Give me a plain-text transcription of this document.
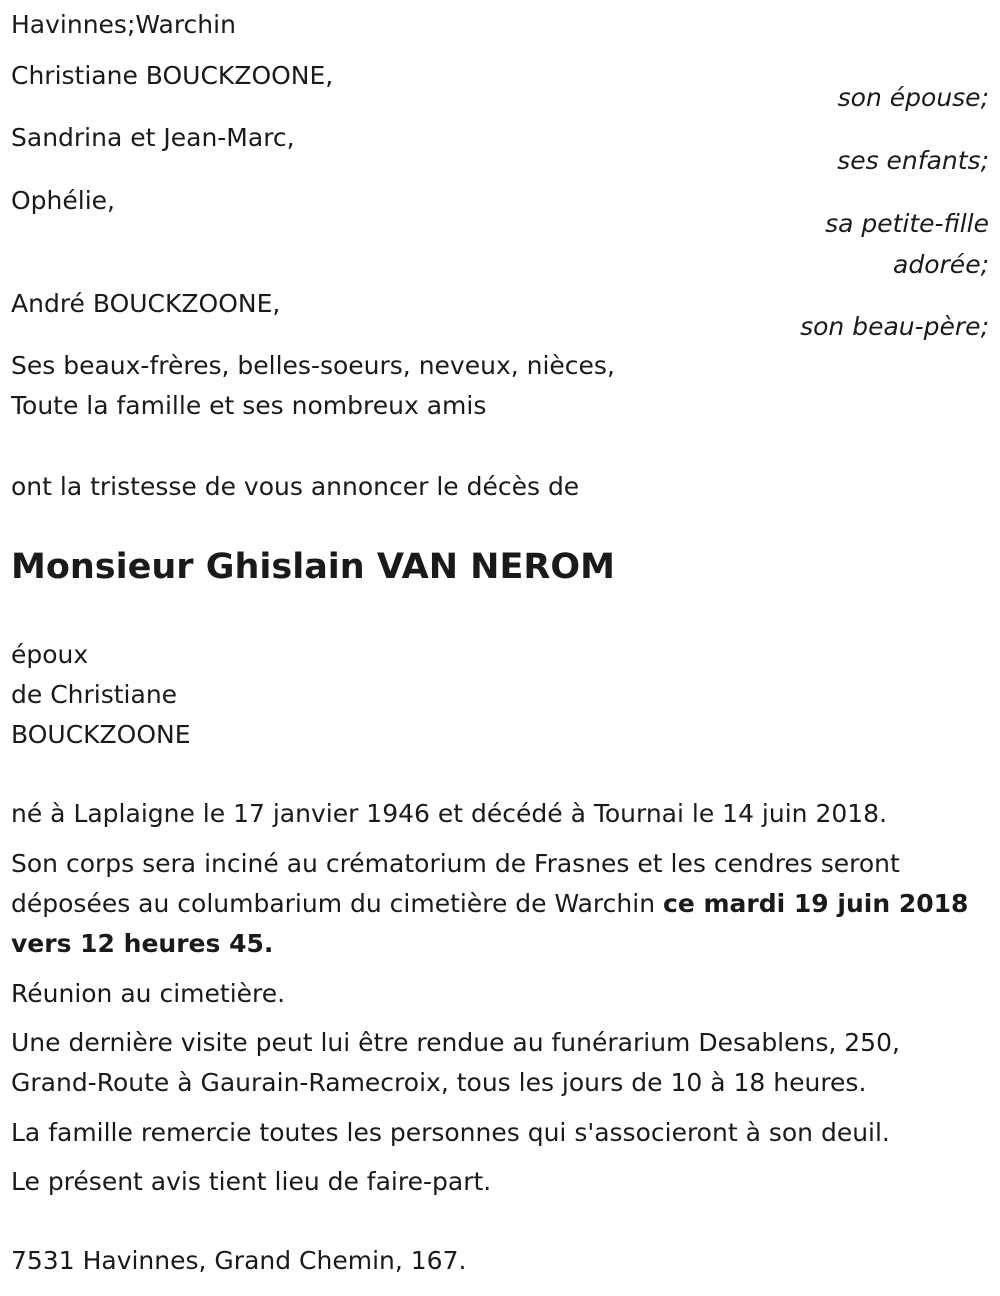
Havinnes;Warchin
Christiane BOUCKZOONE,
son épouse;
Sandrina et Jean-Marc,
ses enfants;
Ophélie,
sa petite-fille
adorée;
André BOUCKZOONE,
son beau-père;
Ses beaux-frères, belles-soeurs, neveux, nièces,
Toute la famille et ses nombreux amis
ont la tristesse de vous annoncer le décès de
Monsieur Ghislain VAN NEROM
époux
de Christiane
BOUCKZOONE
né à Laplaigne le 17 janvier 1946 et décédé à Tournai le 14 juin 2018.
Son corps sera inciné au crématorium de Frasnes et les cendres seront déposées au columbarium du cimetière de Warchin ce mardi 19 juin 2018 vers 12 heures 45.
Réunion au cimetière.
Une dernière visite peut lui être rendue au funérarium Desablens, 250, Grand-Route à Gaurain-Ramecroix, tous les jours de 10 à 18 heures.
La famille remercie toutes les personnes qui s'associeront à son deuil.
Le présent avis tient lieu de faire-part.
7531 Havinnes, Grand Chemin, 167.
